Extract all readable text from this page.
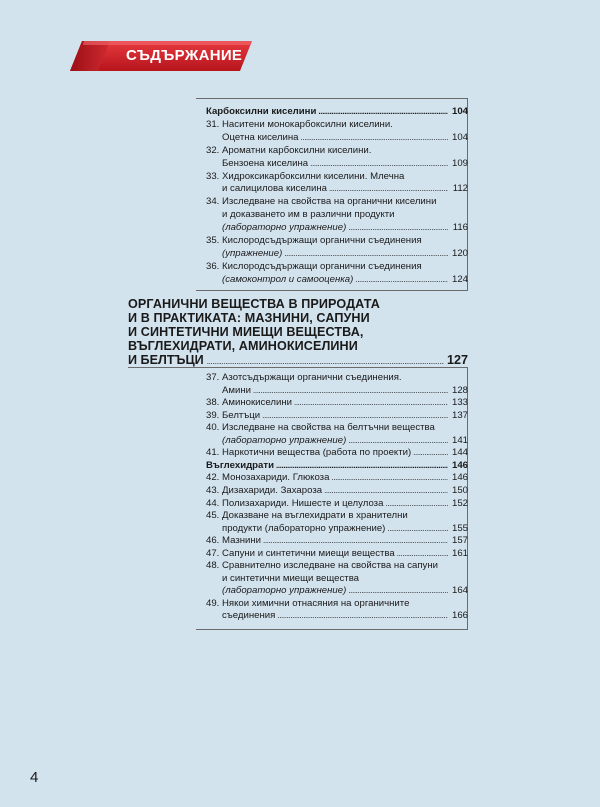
СЪДЪРЖАНИЕ
Карбоксилни киселини . . .	104
31. Наситени монокарбоксилни киселини.
Оцетна киселина . . .	104
32. Ароматни карбоксилни киселини.
Бензоена киселина . . .	109
33. Хидроксикарбоксилни киселини. Млечна
и салицилова киселина . . .	112
34. Изследване на свойства на органични киселини
и доказването им в различни продукти
(лабораторно упражнение) . . .	116
35. Кислородсъдържащи органични съединения
(упражнение) . . .	120
36. Кислородсъдържащи органични съединения
(самоконтрол и самооценка) . . .	124
ОРГАНИЧНИ ВЕЩЕСТВА В ПРИРОДАТА
И В ПРАКТИКАТА: МАЗНИНИ, САПУНИ
И СИНТЕТИЧНИ МИЕЩИ ВЕЩЕСТВА,
ВЪГЛЕХИДРАТИ, АМИНОКИСЕЛИНИ
И БЕЛТЪЦИ . . .	127
37. Азотсъдържащи органични съединения.
Амини . . .	128
38. Аминокиселини . . .	133
39. Белтъци . . .	137
40. Изследване на свойства на белтъчни вещества
(лабораторно упражнение) . . .	141
41. Наркотични вещества (работа по проекти) . . .	144
Въглехидрати . . .	146
42. Монозахариди. Глюкоза . . .	146
43. Дизахариди. Захароза . . .	150
44. Полизахариди. Нишесте и целулоза . . .	152
45. Доказване на въглехидрати в хранителни
продукти (лабораторно упражнение) . . .	155
46. Мазнини . . .	157
47. Сапуни и синтетични миещи вещества . . .	161
48. Сравнително изследване на свойства на сапуни
и синтетични миещи вещества
(лабораторно упражнение) . . .	164
49. Някои химични отнасяния на органичните
съединения . . .	166
4
